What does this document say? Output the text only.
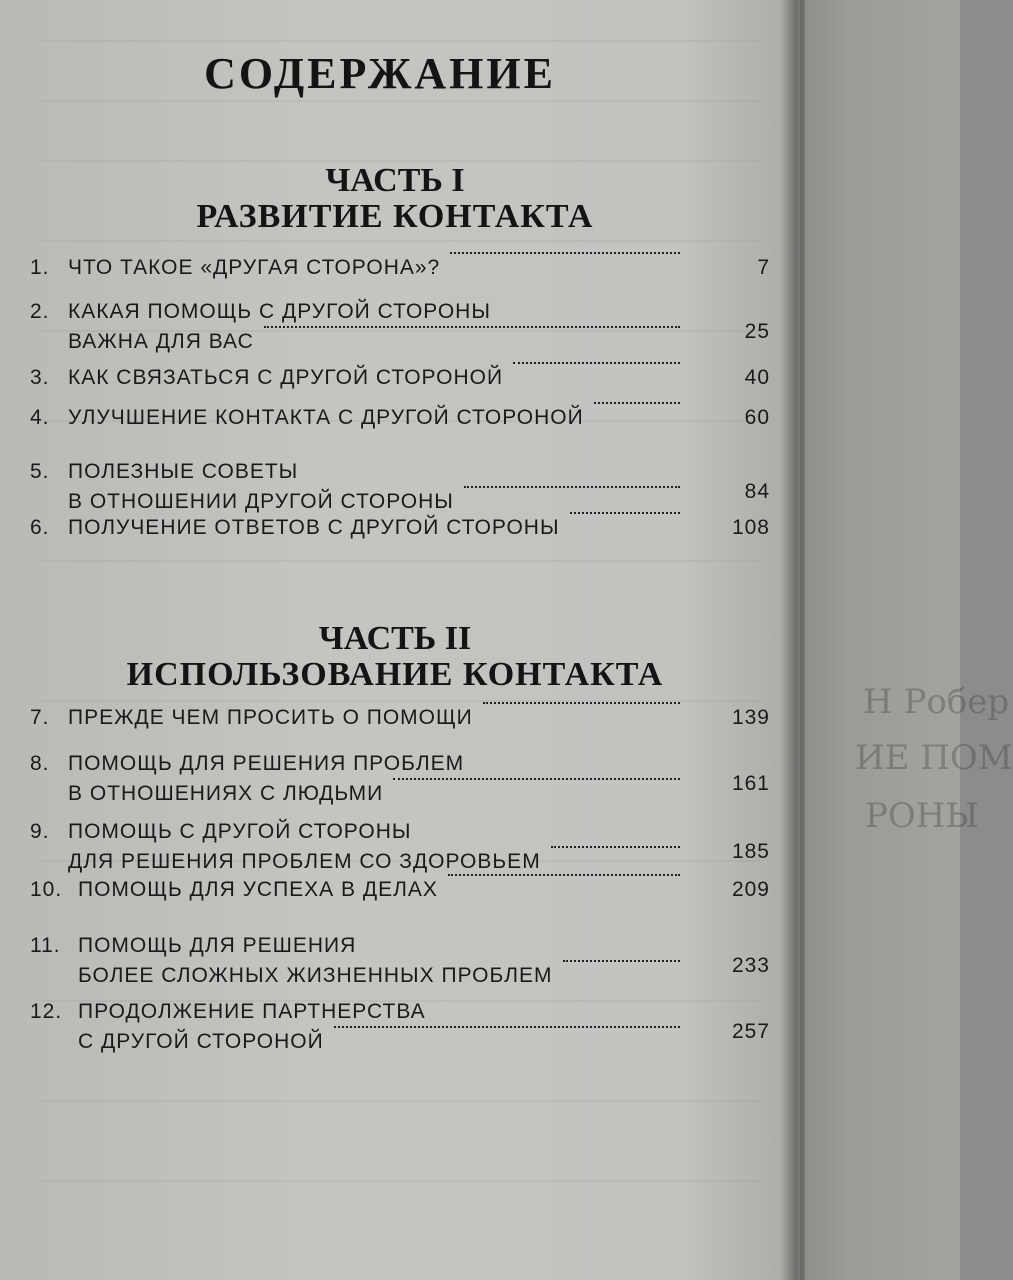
СОДЕРЖАНИЕ
ЧАСТЬ I
РАЗВИТИЕ КОНТАКТА
ЧАСТЬ II
ИСПОЛЬЗОВАНИЕ КОНТАКТА
1. ЧТО ТАКОЕ «ДРУГАЯ СТОРОНА»?	7
2. КАКАЯ ПОМОЩЬ С ДРУГОЙ СТОРОНЫ
ВАЖНА ДЛЯ ВАС	25
3. КАК СВЯЗАТЬСЯ С ДРУГОЙ СТОРОНОЙ	40
4. УЛУЧШЕНИЕ КОНТАКТА С ДРУГОЙ СТОРОНОЙ	60
5. ПОЛЕЗНЫЕ СОВЕТЫ
В ОТНОШЕНИИ ДРУГОЙ СТОРОНЫ	84
6. ПОЛУЧЕНИЕ ОТВЕТОВ С ДРУГОЙ СТОРОНЫ	108
7. ПРЕЖДЕ ЧЕМ ПРОСИТЬ О ПОМОЩИ	139
8. ПОМОЩЬ ДЛЯ РЕШЕНИЯ ПРОБЛЕМ
В ОТНОШЕНИЯХ С ЛЮДЬМИ	161
9. ПОМОЩЬ С ДРУГОЙ СТОРОНЫ
ДЛЯ РЕШЕНИЯ ПРОБЛЕМ СО ЗДОРОВЬЕМ	185
10. ПОМОЩЬ ДЛЯ УСПЕХА В ДЕЛАХ	209
11. ПОМОЩЬ ДЛЯ РЕШЕНИЯ
БОЛЕЕ СЛОЖНЫХ ЖИЗНЕННЫХ ПРОБЛЕМ	233
12. ПРОДОЛЖЕНИЕ ПАРТНЕРСТВА
С ДРУГОЙ СТОРОНОЙ	257
Н Робер
ИЕ ПОМ
РОНЫ
